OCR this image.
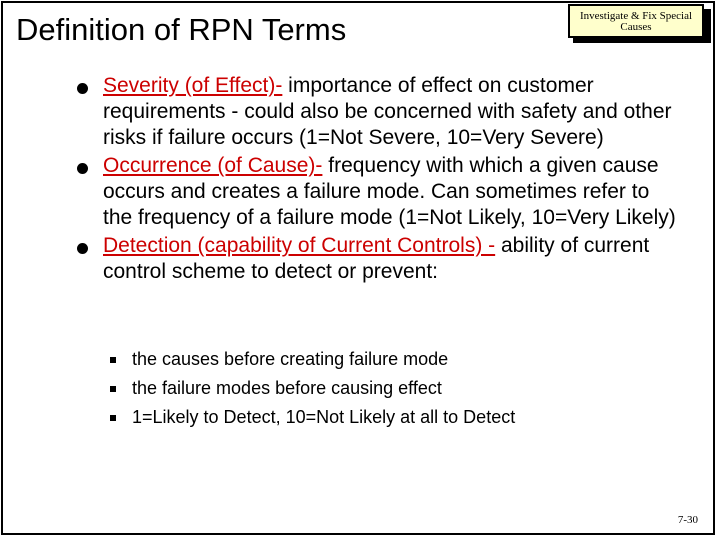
Definition of RPN Terms	Investigate & Fix Special
Causes
Severity (of Effect)- importance of effect on customer requirements - could also be concerned with safety and other risks if failure occurs (1=Not Severe, 10=Very Severe)
Occurrence (of Cause)- frequency with which a given cause occurs and creates a failure mode. Can sometimes refer to the frequency of a failure mode (1=Not Likely, 10=Very Likely)
Detection (capability of Current Controls) - ability of current control scheme to detect or prevent:
the causes before creating failure mode
the failure modes before causing effect
1=Likely to Detect, 10=Not Likely at all to Detect
7-30
